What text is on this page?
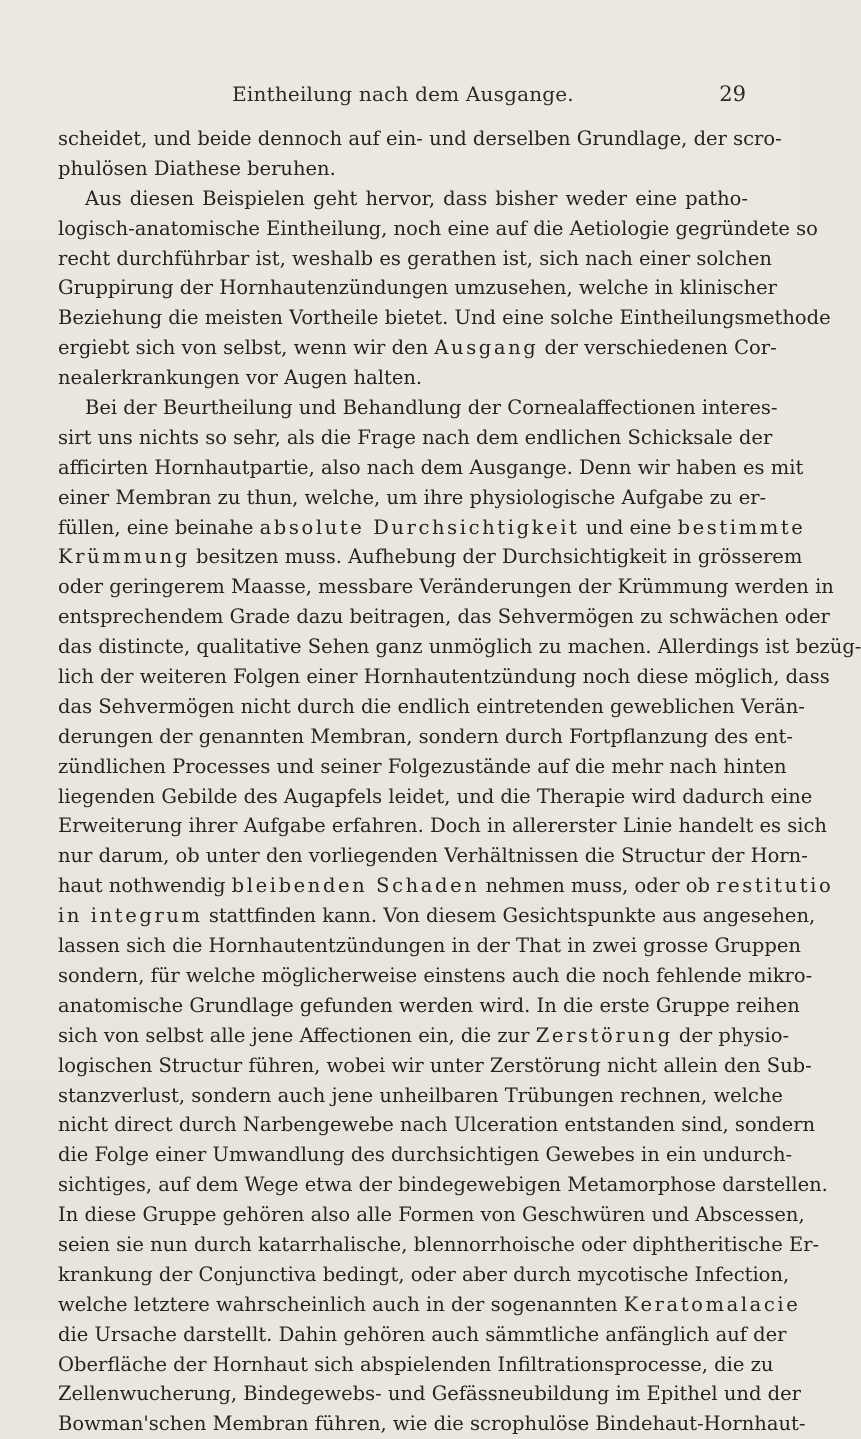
Eintheilung nach dem Ausgange.	29
scheidet, und beide dennoch auf ein- und derselben Grundlage, der scro-
phulösen Diathese beruhen.
Aus diesen Beispielen geht hervor, dass bisher weder eine patho-
logisch-anatomische Eintheilung, noch eine auf die Aetiologie gegründete so
recht durchführbar ist, weshalb es gerathen ist, sich nach einer solchen
Gruppirung der Hornhautenzündungen umzusehen, welche in klinischer
Beziehung die meisten Vortheile bietet. Und eine solche Eintheilungsmethode
ergiebt sich von selbst, wenn wir den Ausgang der verschiedenen Cor-
nealerkrankungen vor Augen halten.
Bei der Beurtheilung und Behandlung der Cornealaffectionen interes-
sirt uns nichts so sehr, als die Frage nach dem endlichen Schicksale der
afficirten Hornhautpartie, also nach dem Ausgange. Denn wir haben es mit
einer Membran zu thun, welche, um ihre physiologische Aufgabe zu er-
füllen, eine beinahe absolute Durchsichtigkeit und eine bestimmte
Krümmung besitzen muss. Aufhebung der Durchsichtigkeit in grösserem
oder geringerem Maasse, messbare Veränderungen der Krümmung werden in
entsprechendem Grade dazu beitragen, das Sehvermögen zu schwächen oder
das distincte, qualitative Sehen ganz unmöglich zu machen. Allerdings ist bezüg-
lich der weiteren Folgen einer Hornhautentzündung noch diese möglich, dass
das Sehvermögen nicht durch die endlich eintretenden geweblichen Verän-
derungen der genannten Membran, sondern durch Fortpflanzung des ent-
zündlichen Processes und seiner Folgezustände auf die mehr nach hinten
liegenden Gebilde des Augapfels leidet, und die Therapie wird dadurch eine
Erweiterung ihrer Aufgabe erfahren. Doch in allererster Linie handelt es sich
nur darum, ob unter den vorliegenden Verhältnissen die Structur der Horn-
haut nothwendig bleibenden Schaden nehmen muss, oder ob restitutio
in integrum stattfinden kann. Von diesem Gesichtspunkte aus angesehen,
lassen sich die Hornhautentzündungen in der That in zwei grosse Gruppen
sondern, für welche möglicherweise einstens auch die noch fehlende mikro-
anatomische Grundlage gefunden werden wird. In die erste Gruppe reihen
sich von selbst alle jene Affectionen ein, die zur Zerstörung der physio-
logischen Structur führen, wobei wir unter Zerstörung nicht allein den Sub-
stanzverlust, sondern auch jene unheilbaren Trübungen rechnen, welche
nicht direct durch Narbengewebe nach Ulceration entstanden sind, sondern
die Folge einer Umwandlung des durchsichtigen Gewebes in ein undurch-
sichtiges, auf dem Wege etwa der bindegewebigen Metamorphose darstellen.
In diese Gruppe gehören also alle Formen von Geschwüren und Abscessen,
seien sie nun durch katarrhalische, blennorrhoische oder diphtheritische Er-
krankung der Conjunctiva bedingt, oder aber durch mycotische Infection,
welche letztere wahrscheinlich auch in der sogenannten Keratomalacie
die Ursache darstellt. Dahin gehören auch sämmtliche anfänglich auf der
Oberfläche der Hornhaut sich abspielenden Infiltrationsprocesse, die zu
Zellenwucherung, Bindegewebs- und Gefässneubildung im Epithel und der
Bowman'schen Membran führen, wie die scrophulöse Bindehaut-Hornhaut-
